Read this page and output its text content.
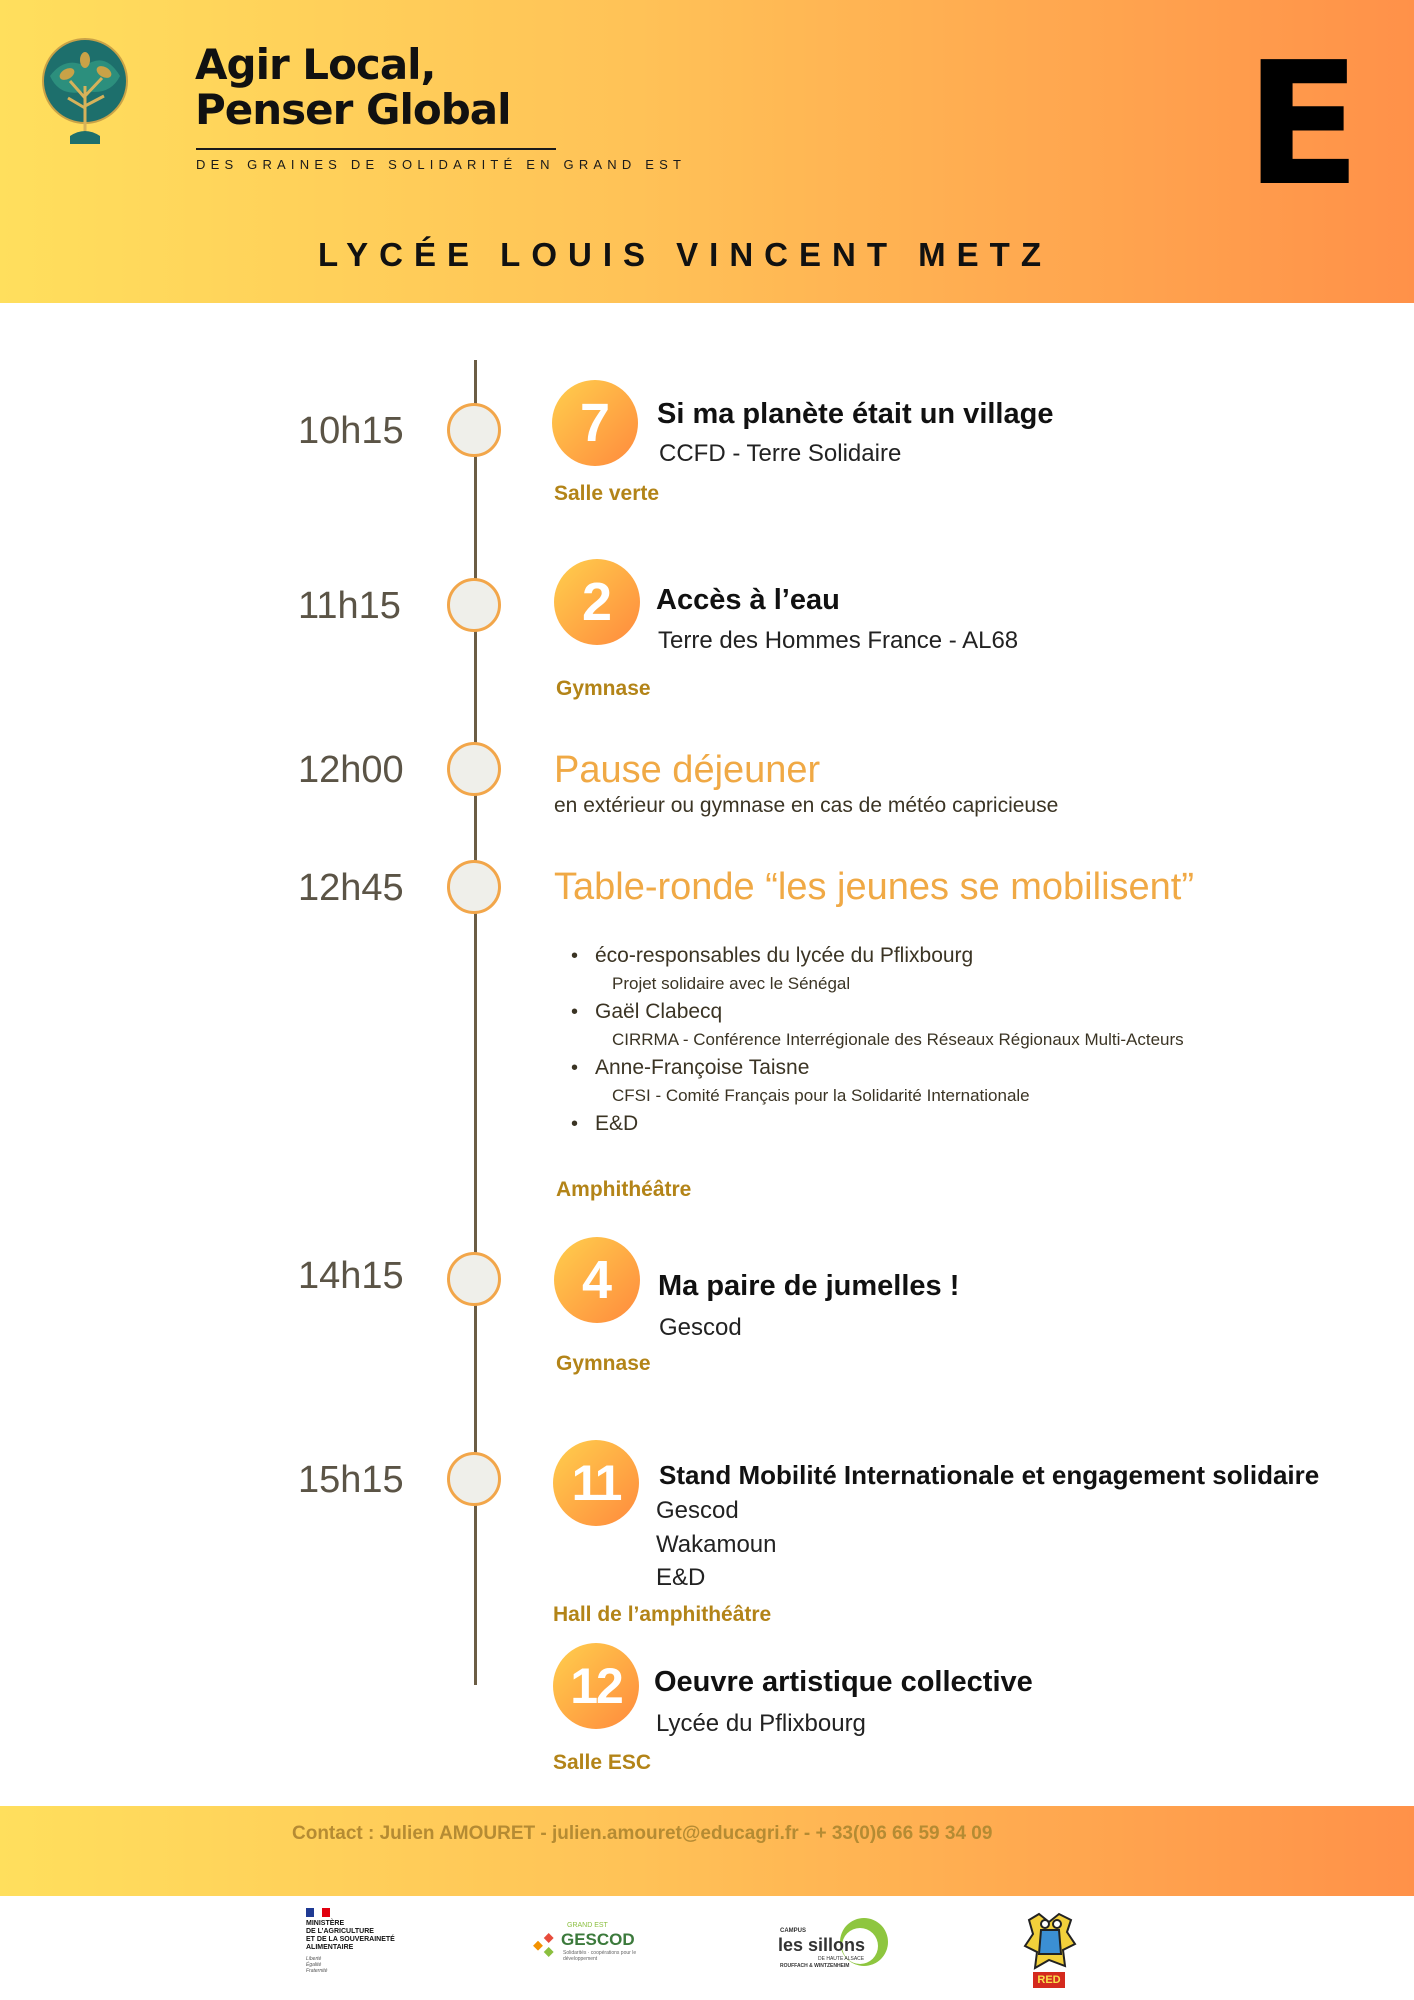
Agir Local,
Penser Global
DES GRAINES DE SOLIDARITÉ EN GRAND EST	E
LYCÉE LOUIS VINCENT METZ
10h15	7	Si ma planète était un village
CCFD - Terre Solidaire
Salle verte
11h15	2	Accès à l’eau
Terre des Hommes France - AL68
Gymnase
12h00	Pause déjeuner
en extérieur ou gymnase en cas de météo capricieuse
12h45	Table-ronde “les jeunes se mobilisent”
• éco-responsables du lycée du Pflixbourg
Projet solidaire avec le Sénégal
• Gaël Clabecq
CIRRMA - Conférence Interrégionale des Réseaux Régionaux Multi-Acteurs
• Anne-Françoise Taisne
CFSI - Comité Français pour la Solidarité Internationale
• E&D
Amphithéâtre
14h15	4	Ma paire de jumelles !
Gescod
Gymnase
15h15	11	Stand Mobilité Internationale et engagement solidaire
Gescod
Wakamoun
E&D
Hall de l’amphithéâtre
12	Oeuvre artistique collective
Lycée du Pflixbourg
Salle ESC
Contact : Julien AMOURET - julien.amouret@educagri.fr - + 33(0)6 66 59 34 09
MINISTÈRE
DE L’AGRICULTURE
ET DE LA SOUVERAINETÉ
ALIMENTAIRE
Liberté
Égalité
Fraternité
GRAND EST
GESCOD
Solidarités · coopérations pour le développement
CAMPUS
les sillons
DE HAUTE ALSACE
ROUFFACH & WINTZENHEIM
RED
